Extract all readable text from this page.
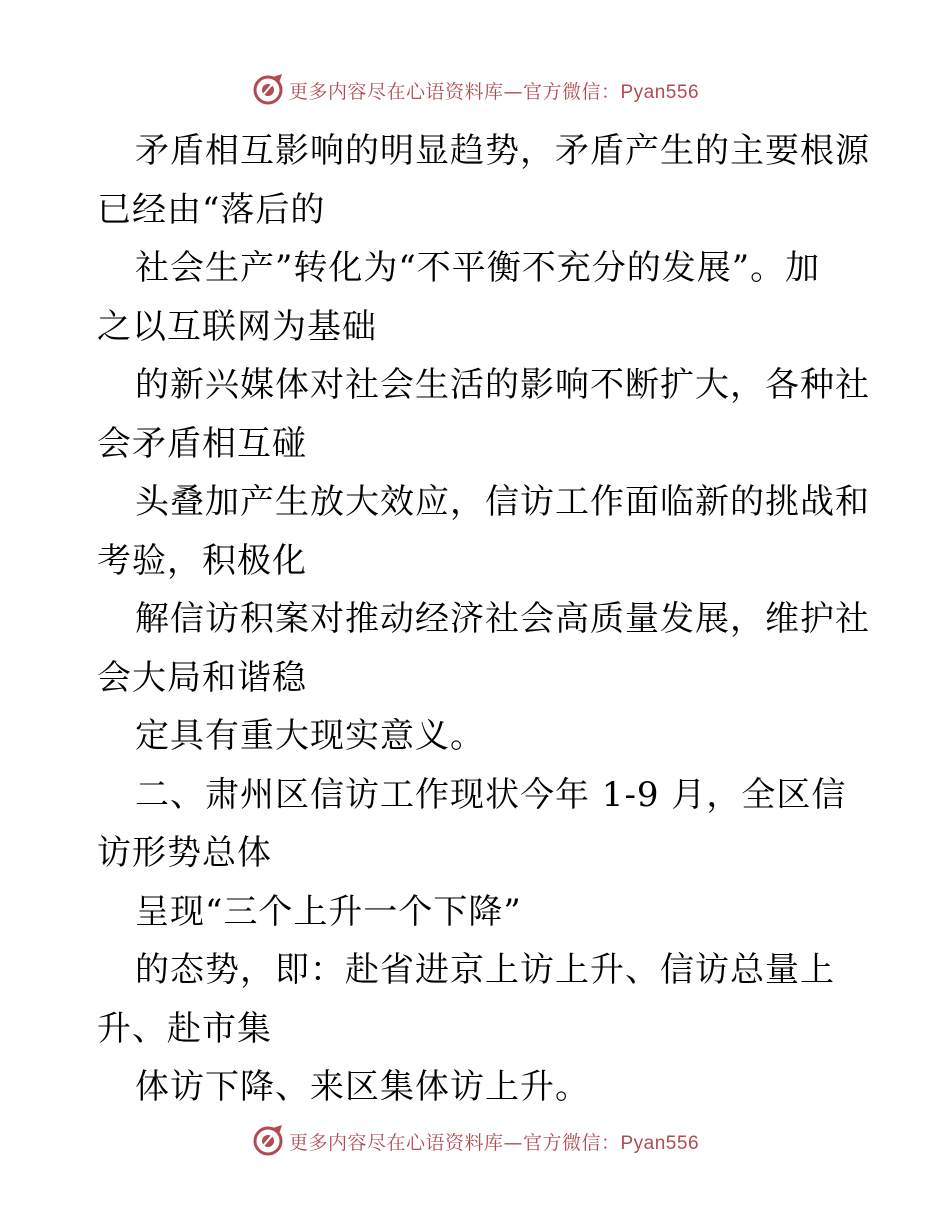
更多内容尽在心语资料库—官方微信：Pyan556
矛盾相互影响的明显趋势，矛盾产生的主要根源
已经由“落后的
社会生产”转化为“不平衡不充分的发展”。加
之以互联网为基础
的新兴媒体对社会生活的影响不断扩大，各种社
会矛盾相互碰
头叠加产生放大效应，信访工作面临新的挑战和
考验，积极化
解信访积案对推动经济社会高质量发展，维护社
会大局和谐稳
定具有重大现实意义。
二、肃州区信访工作现状今年 1-9 月，全区信
访形势总体
呈现“三个上升一个下降”
的态势，即：赴省进京上访上升、信访总量上
升、赴市集
体访下降、来区集体访上升。
更多内容尽在心语资料库—官方微信：Pyan556
